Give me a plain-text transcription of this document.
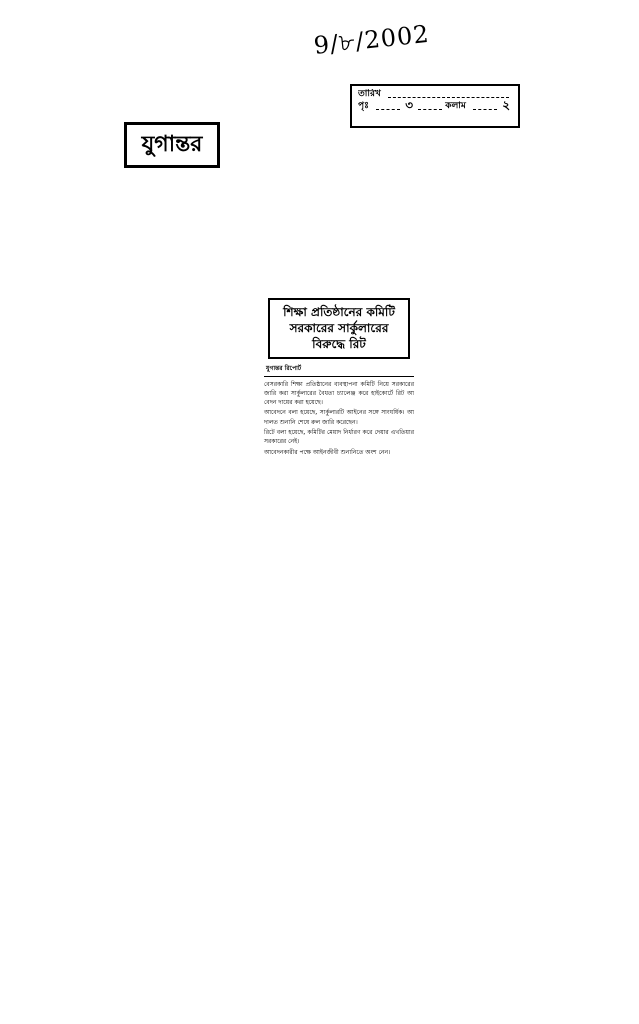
9/৮/2002
তারিখ
পৃঃ	৩	কলাম	২
যুগান্তর
শিক্ষা প্রতিষ্ঠানের কমিটি
সরকারের সার্কুলারের
বিরুদ্ধে রিট
যুগান্তর রিপোর্ট

বেসরকারি শিক্ষা প্রতিষ্ঠানের ব্যবস্থাপনা কমিটি নিয়ে সরকারের জারি করা সার্কুলারের বৈধতা চ্যালেঞ্জ করে হাইকোর্টে রিট আবেদন দায়ের করা হয়েছে।

আবেদনে বলা হয়েছে, সার্কুলারটি আইনের সঙ্গে সাংঘর্ষিক। আদালত শুনানি শেষে রুল জারি করেছেন।

রিটে বলা হয়েছে, কমিটির মেয়াদ নির্ধারণ করে দেয়ার এখতিয়ার সরকারের নেই।

আবেদনকারীর পক্ষে আইনজীবী শুনানিতে অংশ নেন।
